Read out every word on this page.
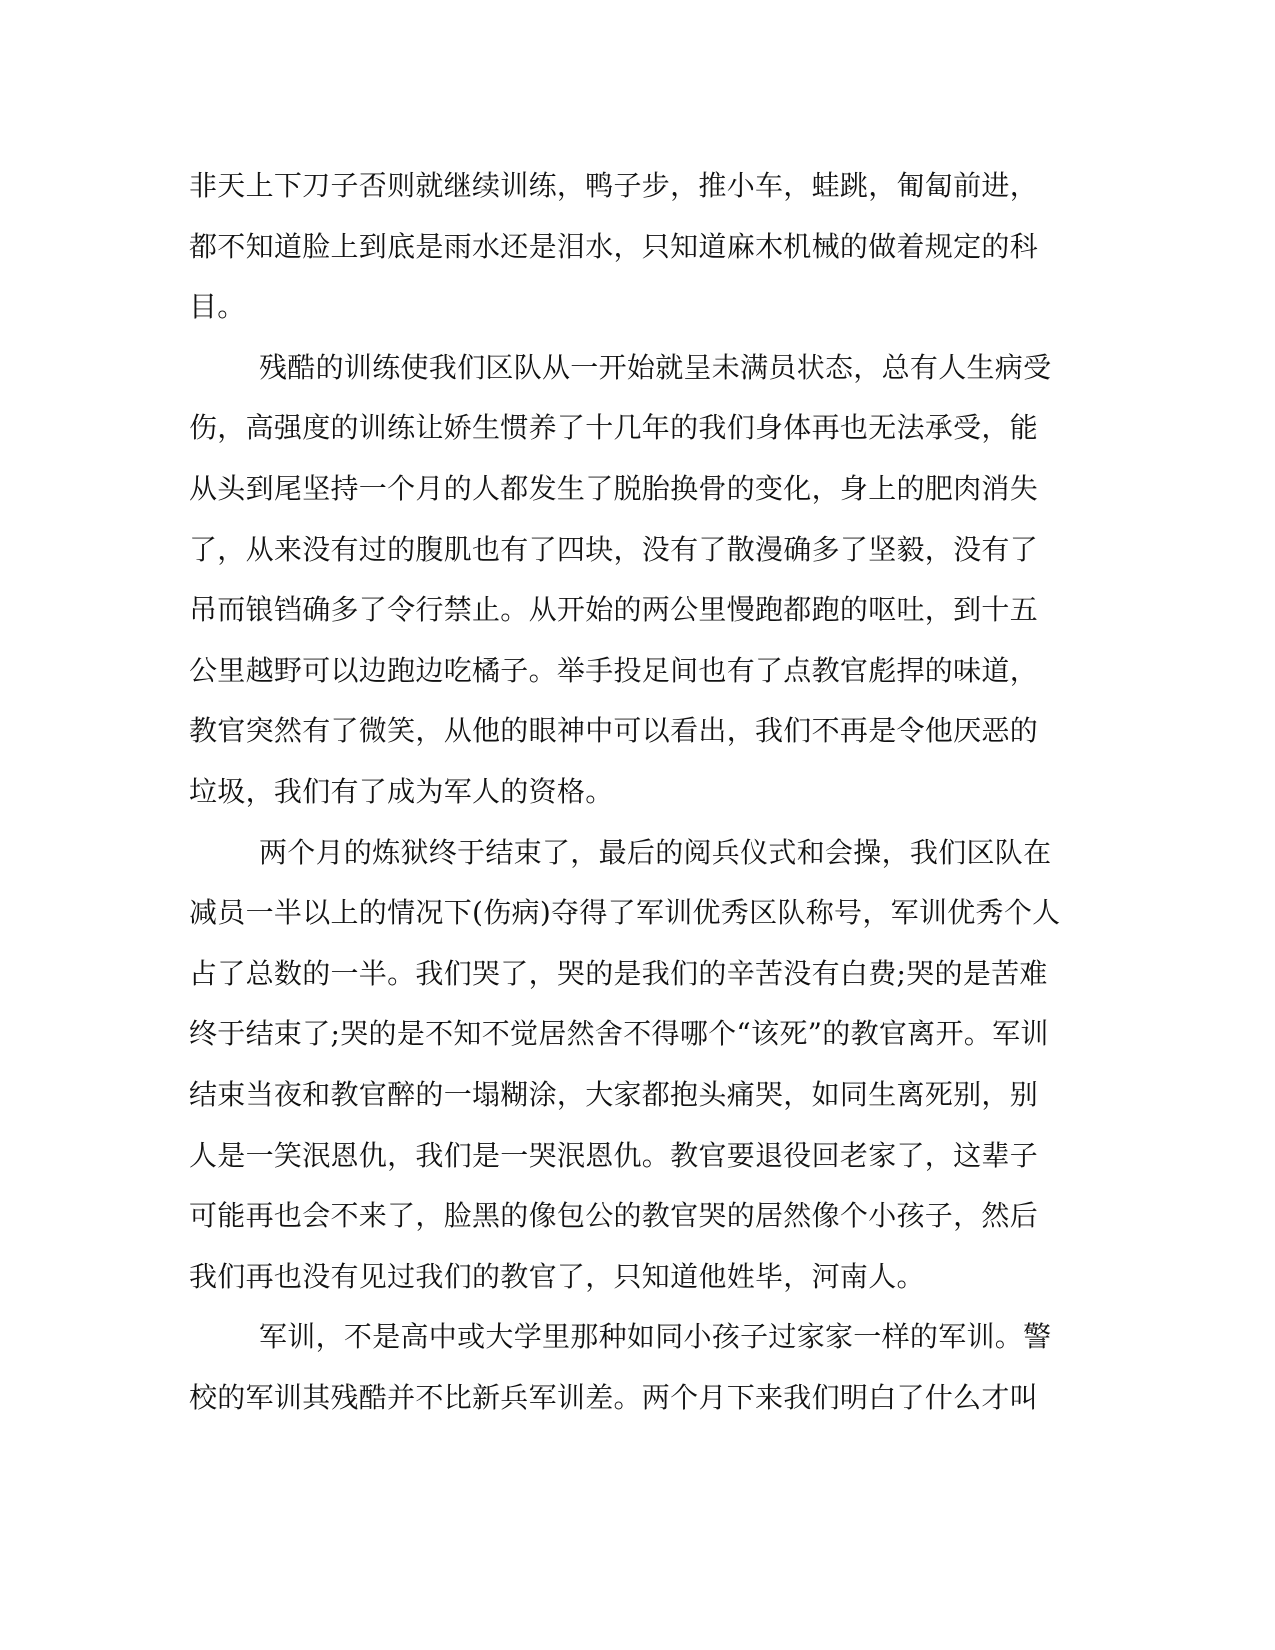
非天上下刀子否则就继续训练，鸭子步，推小车，蛙跳，匍匐前进，
都不知道脸上到底是雨水还是泪水，只知道麻木机械的做着规定的科
目。
残酷的训练使我们区队从一开始就呈未满员状态，总有人生病受
伤，高强度的训练让娇生惯养了十几年的我们身体再也无法承受，能
从头到尾坚持一个月的人都发生了脱胎换骨的变化，身上的肥肉消失
了，从来没有过的腹肌也有了四块，没有了散漫确多了坚毅，没有了
吊而锒铛确多了令行禁止。从开始的两公里慢跑都跑的呕吐，到十五
公里越野可以边跑边吃橘子。举手投足间也有了点教官彪捍的味道，
教官突然有了微笑，从他的眼神中可以看出，我们不再是令他厌恶的
垃圾，我们有了成为军人的资格。
两个月的炼狱终于结束了，最后的阅兵仪式和会操，我们区队在
减员一半以上的情况下(伤病)夺得了军训优秀区队称号，军训优秀个人
占了总数的一半。我们哭了，哭的是我们的辛苦没有白费;哭的是苦难
终于结束了;哭的是不知不觉居然舍不得哪个“该死”的教官离开。军训
结束当夜和教官醉的一塌糊涂，大家都抱头痛哭，如同生离死别，别
人是一笑泯恩仇，我们是一哭泯恩仇。教官要退役回老家了，这辈子
可能再也会不来了，脸黑的像包公的教官哭的居然像个小孩子，然后
我们再也没有见过我们的教官了，只知道他姓毕，河南人。
军训，不是高中或大学里那种如同小孩子过家家一样的军训。警
校的军训其残酷并不比新兵军训差。两个月下来我们明白了什么才叫
